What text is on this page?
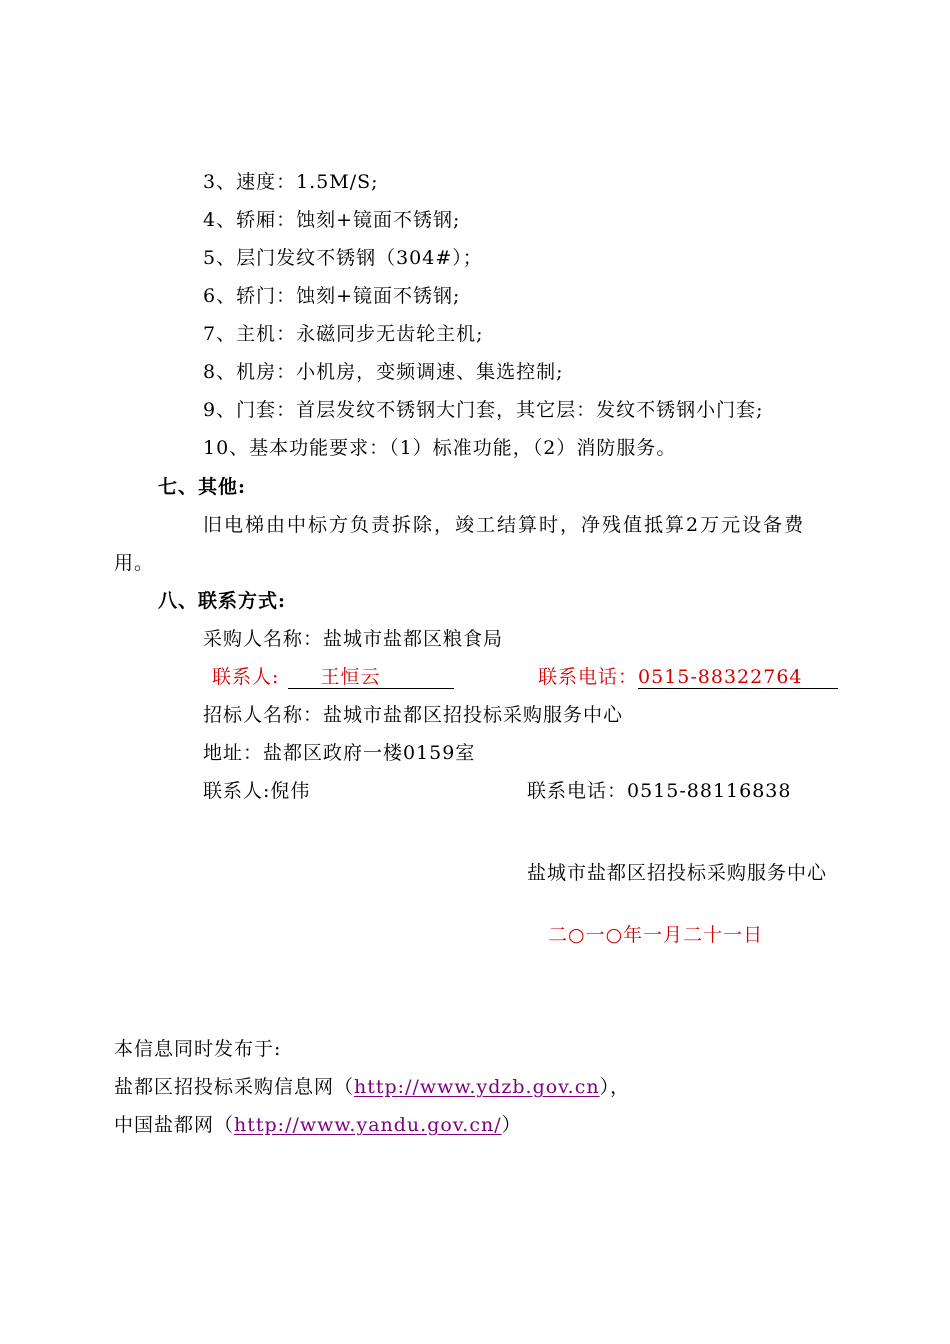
3、速度：1.5M/S;
4、轿厢：蚀刻+镜面不锈钢;
5、层门发纹不锈钢（304#）；
6、轿门：蚀刻+镜面不锈钢;
7、主机：永磁同步无齿轮主机;
8、机房：小机房，变频调速、集选控制;
9、门套：首层发纹不锈钢大门套，其它层：发纹不锈钢小门套;
10、基本功能要求：（1）标准功能，（2）消防服务。
七、其他:
旧电梯由中标方负责拆除，竣工结算时，净残值抵算2万元设备费
用。
八、联系方式:
采购人名称：盐城市盐都区粮食局
联系人: 王恒云	联系电话：0515-88322764
招标人名称：盐城市盐都区招投标采购服务中心
地址：盐都区政府一楼0159室
联系人:倪伟	联系电话：0515-88116838
盐城市盐都区招投标采购服务中心
二○一○年一月二十一日
本信息同时发布于:
盐都区招投标采购信息网（http://www.ydzb.gov.cn），
中国盐都网（http://www.yandu.gov.cn/）
